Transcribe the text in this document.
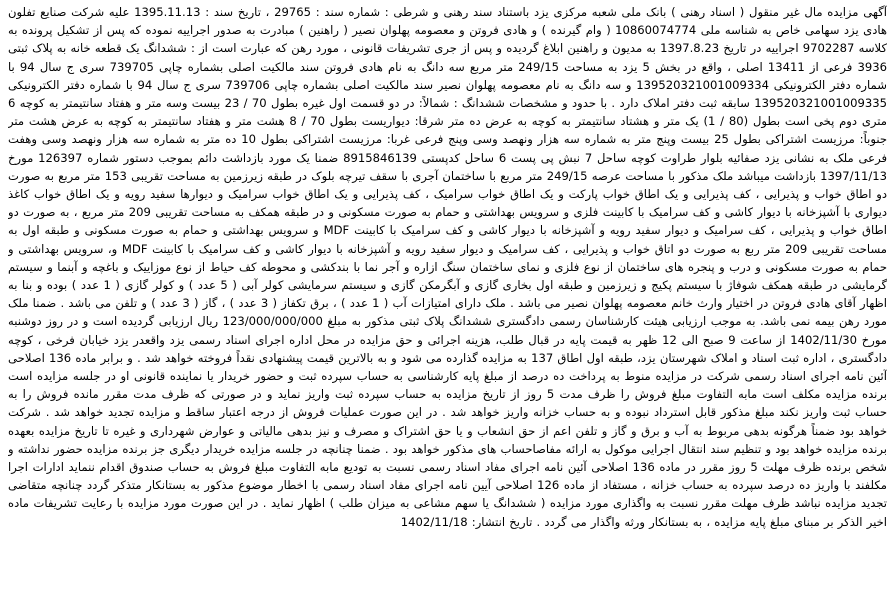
آگهی مزایده مال غیر منقول ( اسناد رهنی ) بانک ملی شعبه مرکزی یزد باستناد سند رهنی و شرطی : شماره سند : 29765 ، تاریخ سند : 1395.11.13 علیه شرکت صنایع تفلون هادی یزد سهامی خاص به شناسه ملی 10860074774 ( وام گیرنده ) و هادی فروتن و معصومه پهلوان نصیر ( راهنین ) مبادرت به صدور اجراییه نموده که پس از تشکیل پرونده به کلاسه 9702287 اجراییه در تاریخ 1397.8.23 به مدیون و راهنین ابلاغ گردیده و پس از جری تشریفات قانونی ، مورد رهن که عبارت است از : ششدانگ یک قطعه خانه به پلاک ثبتی 3936 فرعی از 13411 اصلی ، واقع در بخش 5 یزد به مساحت 249/15 متر مربع سه دانگ به نام هادی فروتن سند مالکیت اصلی بشماره چاپی 739705 سری ج سال 94 با شماره دفتر الکترونیکی 139520321001009334 و سه دانگ به نام معصومه پهلوان نصیر سند مالکیت اصلی بشماره چاپی 739706 سری ج سال 94 با شماره دفتر الکترونیکی 139520321001009335 سابقه ثبت دفتر املاک دارد . با حدود و مشخصات ششدانگ : شمالاً: در دو قسمت اول غیره بطول 70 / 23 بیست وسه متر و هفتاد سانتیمتر به کوچه 6 متری دوم پخی است بطول (80 / 1) یک متر و هشتاد سانتیمتر به کوچه به عرض ده متر شرقا: دیواریست بطول 70 / 8 هشت متر و هفتاد سانتیمتر به کوچه به عرض هشت متر جنوباً: مرزیست اشتراکی بطول 25 بیست وپنج متر به شماره سه هزار ونهصد وسی وپنج فرعی غربا: مرزیست اشتراکی بطول 10 ده متر به شماره سه هزار ونهصد وسی وهفت فرعی ملک به نشانی یزد صفائیه بلوار طراوت کوچه ساحل 7 نبش پی پست 6 ساحل کدپستی 8915846139 ضمنا یک مورد بازداشت دائم بموجب دستور شماره 126397 مورخ 1397/11/13 بازداشت میباشد ملک مذکور با مساحت عرصه 249/15 متر مربع با ساختمان آجری با سقف تیرچه بلوک در طبقه زیرزمین به مساحت تقریبی 153 متر مربع به صورت دو اطاق خواب و پذیرایی ، کف پذیرایی و یک اطاق خواب پارکت و یک اطاق خواب سرامیک ، کف پذیرایی و یک اطاق خواب سرامیک و دیوارها سفید رویه و یک اطاق خواب کاغذ دیواری با آشپزخانه با دیوار کاشی و کف سرامیک با کابینت فلزی و سرویس بهداشتی و حمام به صورت مسکونی و در طبقه همکف به مساحت تقریبی 209 متر مربع ، به صورت دو اطاق خواب و پذیرایی ، کف سرامیک و دیوار سفید رویه و آشپزخانه با دیوار کاشی و کف سرامیک با کابینت MDF و سرویس بهداشتی و حمام به صورت مسکونی و طبقه اول به مساحت تقریبی 209 متر ربع به صورت دو اتاق خواب و پذیرایی ، کف سرامیک و دیوار سفید رویه و آشپزخانه با دیوار کاشی و کف سرامیک با کابینت MDF و، سرویس بهداشتی و حمام به صورت مسکونی و درب و پنجره های ساختمان از نوع فلزی و نمای ساختمان سنگ ازاره و آجر نما با بندکشی و محوطه کف حیاط از نوع موزاییک و باغچه و آبنما و سیستم گرمایشی در طبقه همکف شوفاژ با سیستم پکیج و زیرزمین و طبقه اول بخاری گازی و آبگرمکن گازی و سیستم سرمایشی کولر آبی ( 5 عدد ) و کولر گازی ( 1 عدد ) بوده و بنا به اظهار آقای هادی فروتن در اختیار وارث خانم معصومه پهلوان نصیر می باشد . ملک دارای امتیازات آب ( 1 عدد ) ، برق تکفاز ( 3 عدد ) ، گاز ( 3 عدد ) و تلفن می باشد . ضمنا ملک مورد رهن بیمه نمی باشد. به موجب ارزیابی هیئت کارشناسان رسمی دادگستری ششدانگ پلاک ثبتی مذکور به مبلغ 123/000/000/000 ریال ارزیابی گردیده است و در روز دوشنبه مورخ 1402/11/30 از ساعت 9 صبح الی 12 ظهر به قیمت پایه در قبال طلب، هزینه اجرائی و حق مزایده در محل اداره اجرای اسناد رسمی یزد واقعدر یزد خیابان فرخی ، کوچه دادگستری ، اداره ثبت اسناد و املاک شهرستان یزد، طبقه اول اطاق 137 به مزایده گذارده می شود و به بالاترین قیمت پیشنهادی نقداً فروخته خواهد شد . و برابر ماده 136 اصلاحی آئین نامه اجرای اسناد رسمی شرکت در مزایده منوط به پرداخت ده درصد از مبلغ پایه کارشناسی به حساب سپرده ثبت و حضور خریدار یا نماینده قانونی او در جلسه مزایده است برنده مزایده مکلف است مابه التفاوت مبلغ فروش را ظرف مدت 5 روز از تاریخ مزایده به حساب سپرده ثبت واریز نماید و در صورتی که ظرف مدت مقرر مانده فروش را به حساب ثبت واریز نکند مبلغ مذکور قابل استرداد نبوده و به حساب خزانه واریز خواهد شد . در این صورت عملیات فروش از درجه اعتبار ساقط و مزایده تجدید خواهد شد . شرکت خواهد بود ضمناً هرگونه بدهی مربوط به آب و برق و گاز و تلفن اعم از حق انشعاب و یا حق اشتراک و مصرف و نیز بدهی مالیاتی و عوارض شهرداری و غیره تا تاریخ مزایده بعهده برنده مزایده خواهد بود و تنظیم سند انتقال اجرایی موکول به ارائه مفاصاحساب های مذکور خواهد بود . ضمنا چنانچه در جلسه مزایده خریدار دیگری جز برنده مزایده حضور نداشته و شخص برنده ظرف مهلت 5 روز مقرر در ماده 136 اصلاحی آئین نامه اجرای مفاد اسناد رسمی نسبت به تودیع مابه التفاوت مبلغ فروش به حساب صندوق اقدام ننماید ادارات اجرا مکلفند با واریز ده درصد سپرده به حساب خزانه ، مستفاد از ماده 126 اصلاحی آیین نامه اجرای مفاد اسناد رسمی با اخطار موضوع مذکور به بستانکار متذکر گردد چنانچه متقاضی تجدید مزایده نباشد ظرف مهلت مقرر نسبت به واگذاری مورد مزایده ( ششدانگ یا سهم مشاعی به میزان طلب ) اظهار نماید . در این صورت مورد مزایده با رعایت تشریفات ماده اخیر الذکر بر مبنای مبلغ پایه مزایده ، به بستانکار ورثه واگذار می گردد . تاریخ انتشار: 1402/11/18
